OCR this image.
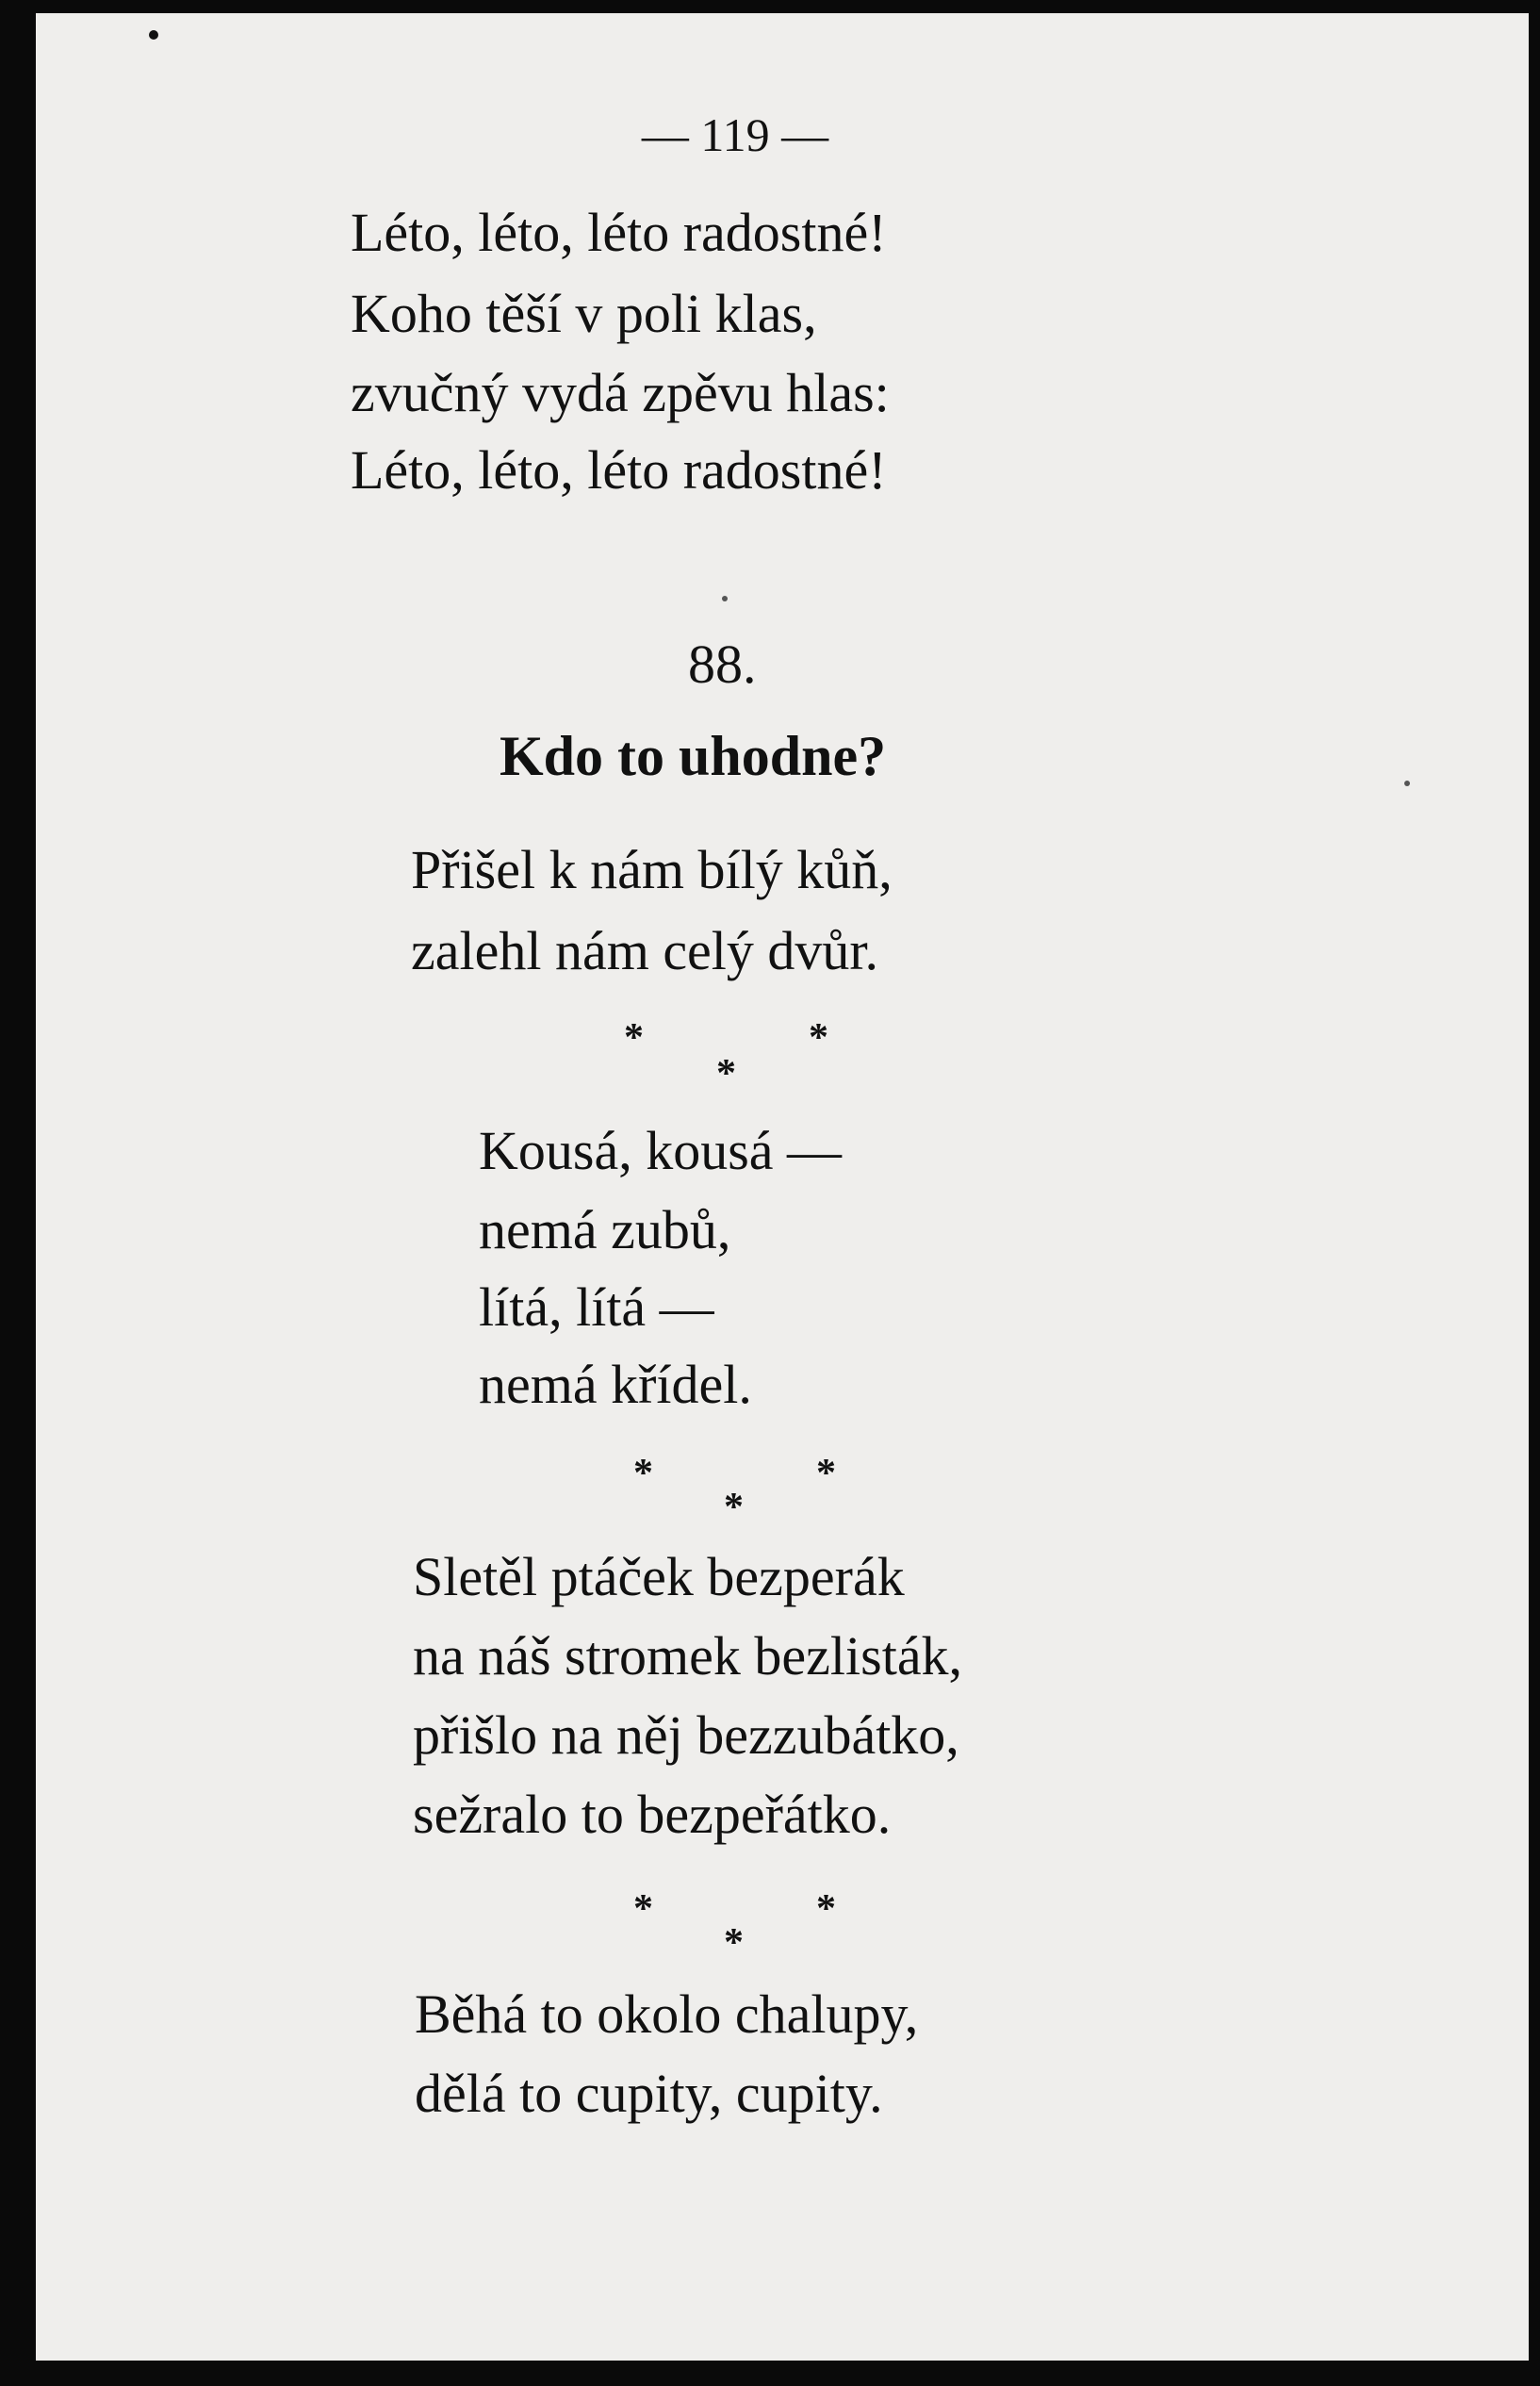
— 119 —
Léto, léto, léto radostné!
Koho těší v poli klas,
zvučný vydá zpěvu hlas:
Léto, léto, léto radostné!
88.
Kdo to uhodne?
Přišel k nám bílý kůň,
zalehl nám celý dvůr.
*	*
*
Kousá, kousá —
nemá zubů,
lítá, lítá —
nemá křídel.
*	*
*
Sletěl ptáček bezperák
na náš stromek bezlisták,
přišlo na něj bezzubátko,
sežralo to bezpeřátko.
*	*
*
Běhá to okolo chalupy,
dělá to cupity, cupity.
